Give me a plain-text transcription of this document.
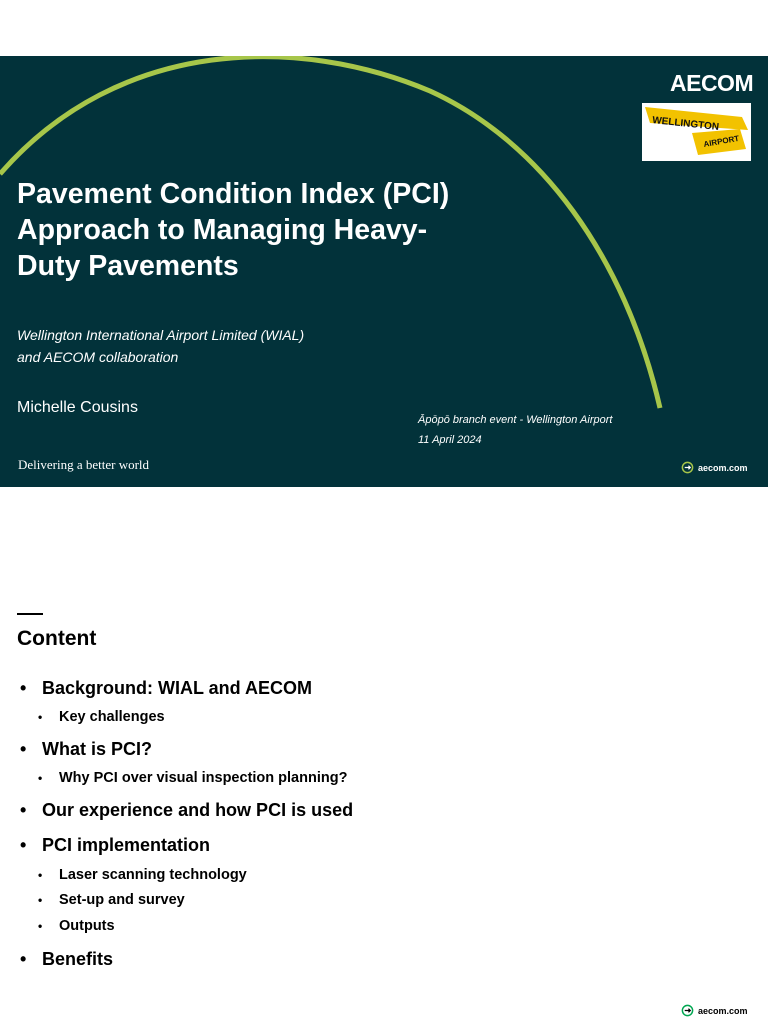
AECOM
WELLINGTON
AIRPORT
Pavement Condition Index (PCI)
Approach to Managing Heavy-
Duty Pavements

Wellington International Airport Limited (WIAL)
and AECOM collaboration

Michelle Cousins
Āpōpō branch event - Wellington Airport
11 April 2024
Delivering a better world	aecom.com
Content
• Background: WIAL and AECOM
• Key challenges
• What is PCI?
• Why PCI over visual inspection planning?
• Our experience and how PCI is used
• PCI implementation
• Laser scanning technology
• Set-up and survey
• Outputs
• Benefits
aecom.com
